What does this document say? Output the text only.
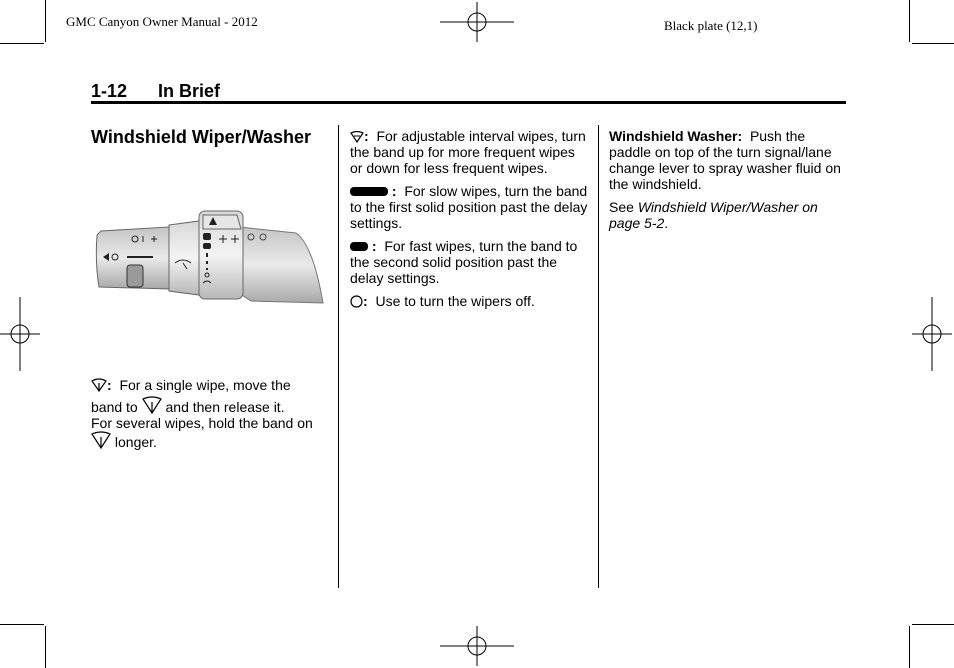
GMC Canyon Owner Manual - 2012	Black plate (12,1)
1-12 In Brief
Windshield Wiper/Washer
: For a single wipe, move the
band to and then release it.
For several wipes, hold the band on
longer.

: For adjustable interval wipes, turn the band up for more frequent wipes or down for less frequent wipes.

: For slow wipes, turn the band to the first solid position past the delay settings.

: For fast wipes, turn the band to the second solid position past the delay settings.

: Use to turn the wipers off.

Windshield Washer: Push the paddle on top of the turn signal/lane change lever to spray washer fluid on the windshield.

See Windshield Wiper/Washer on page 5-2.
